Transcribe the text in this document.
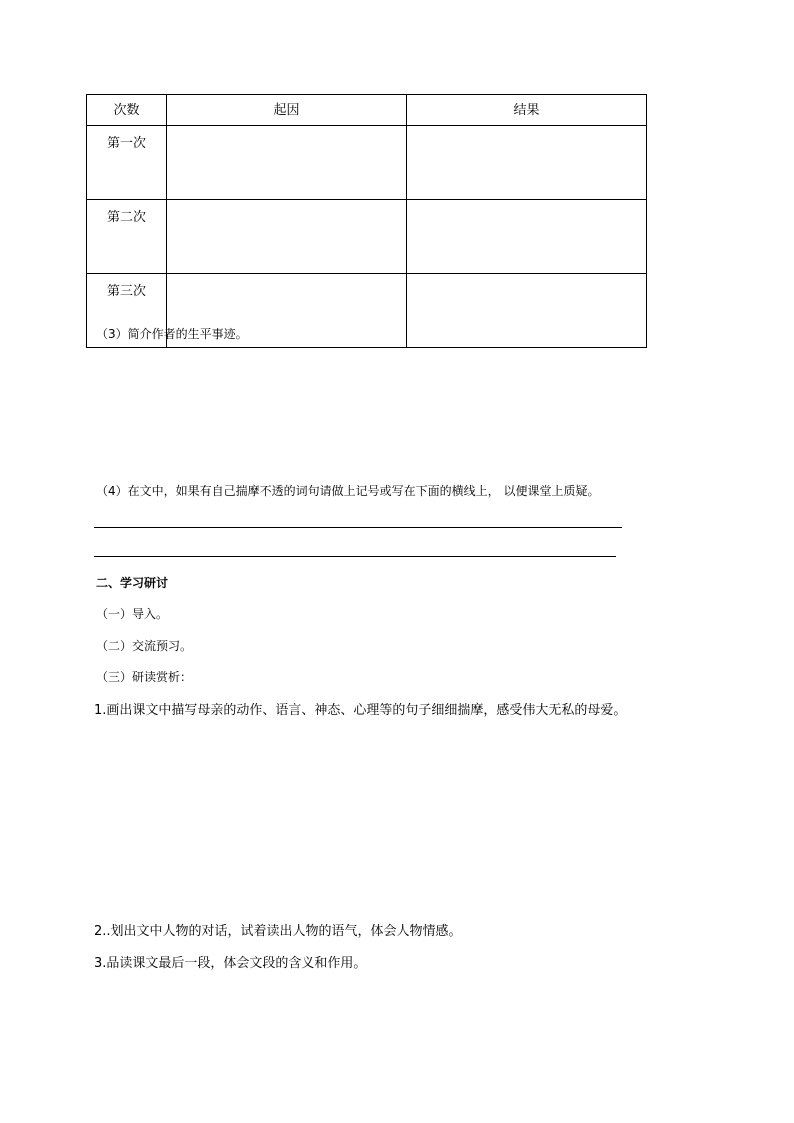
次数	起因	结果
第一次		
第二次		
第三次		
（3）简介作者的生平事迹。
（4）在文中，如果有自己揣摩不透的词句请做上记号或写在下面的横线上， 以便课堂上质疑。
二、学习研讨
（一）导入。
（二）交流预习。
（三）研读赏析：
1.画出课文中描写母亲的动作、语言、神态、心理等的句子细细揣摩，感受伟大无私的母爱。
2..划出文中人物的对话，试着读出人物的语气，体会人物情感。
3.品读课文最后一段，体会文段的含义和作用。
